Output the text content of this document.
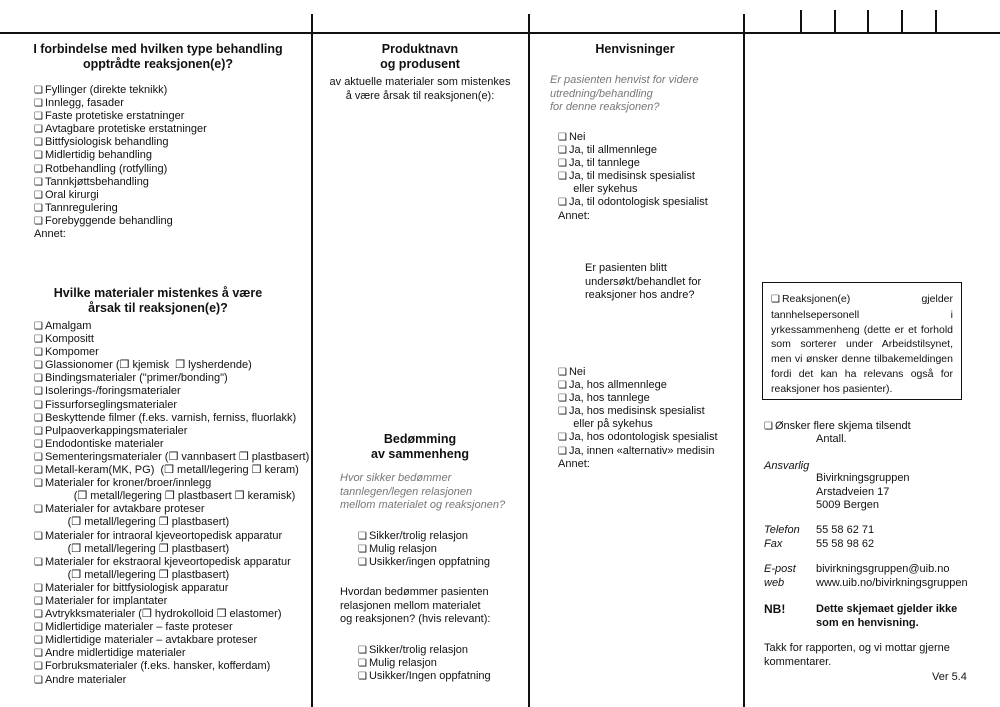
I forbindelse med hvilken type behandling
opptrådte reaksjonen(e)?
❏ Fyllinger (direkte teknikk)
❏ Innlegg, fasader
❏ Faste protetiske erstatninger
❏ Avtagbare protetiske erstatninger
❏ Bittfysiologisk behandling
❏ Midlertidig behandling
❏ Rotbehandling (rotfylling)
❏ Tannkjøttsbehandling
❏ Oral kirurgi
❏ Tannregulering
❏ Forebyggende behandling
Annet:
Hvilke materialer mistenkes å være
årsak til reaksjonen(e)?
❏ Amalgam
❏ Kompositt
❏ Kompomer
❏ Glassionomer (❒ kjemisk  ❒ lysherdende)
❏ Bindingsmaterialer ("primer/bonding")
❏ Isolerings-/foringsmaterialer
❏ Fissurforseglingsmaterialer
❏ Beskyttende filmer (f.eks. varnish, ferniss, fluorlakk)
❏ Pulpaoverkappingsmaterialer
❏ Endodontiske materialer
❏ Sementeringsmaterialer (❒ vannbasert ❒ plastbasert)
❏ Metall-keram(MK, PG)  (❒ metall/legering ❒ keram)
❏ Materialer for kroner/broer/innlegg
(❒ metall/legering ❒ plastbasert ❒ keramisk)
❏ Materialer for avtakbare proteser
(❒ metall/legering ❒ plastbasert)
❏ Materialer for intraoral kjeveortopedisk apparatur
(❒ metall/legering ❒ plastbasert)
❏ Materialer for ekstraoral kjeveortopedisk apparatur
(❒ metall/legering ❒ plastbasert)
❏ Materialer for bittfysiologisk apparatur
❏ Materialer for implantater
❏ Avtrykksmaterialer (❒ hydrokolloid ❒ elastomer)
❏ Midlertidige materialer – faste proteser
❏ Midlertidige materialer – avtakbare proteser
❏ Andre midlertidige materialer
❏ Forbruksmaterialer (f.eks. hansker, kofferdam)
❏ Andre materialer
Produktnavn
og produsent
av aktuelle materialer som mistenkes
å være årsak til reaksjonen(e):
Bedømming
av sammenheng
Hvor sikker bedømmer
tannlegen/legen relasjonen
mellom materialet og reaksjonen?
❏ Sikker/trolig relasjon
❏ Mulig relasjon
❏ Usikker/ingen oppfatning
Hvordan bedømmer pasienten
relasjonen mellom materialet
og reaksjonen? (hvis relevant):
❏ Sikker/trolig relasjon
❏ Mulig relasjon
❏ Usikker/Ingen oppfatning
Henvisninger
Er pasienten henvist for videre
utredning/behandling
for denne reaksjonen?
❏ Nei
❏ Ja, til allmennlege
❏ Ja, til tannlege
❏ Ja, til medisinsk spesialist
eller sykehus
❏ Ja, til odontologisk spesialist
Annet:
Er pasienten blitt
undersøkt/behandlet for
reaksjoner hos andre?
❏ Nei
❏ Ja, hos allmennlege
❏ Ja, hos tannlege
❏ Ja, hos medisinsk spesialist
eller på sykehus
❏ Ja, hos odontologisk spesialist
❏ Ja, innen «alternativ» medisin
Annet:
❏ Reaksjonen(e) gjelder tannhelsepersonell i yrkessammenheng (dette er et forhold som sorterer under Arbeidstilsynet, men vi ønsker denne tilbakemeldingen fordi det kan ha relevans også for reaksjoner hos pasienter).
❏ Ønsker flere skjema tilsendt
Antall.
Ansvarlig
Bivirkningsgruppen
Arstadveien 17
5009 Bergen
Telefon 55 58 62 71
Fax	55 58 98 62
E-post bivirkningsgruppen@uib.no
web	www.uib.no/bivirkningsgruppen
NB!	Dette skjemaet gjelder ikke
som en henvisning.
Takk for rapporten, og vi mottar gjerne
kommentarer.
Ver 5.4
